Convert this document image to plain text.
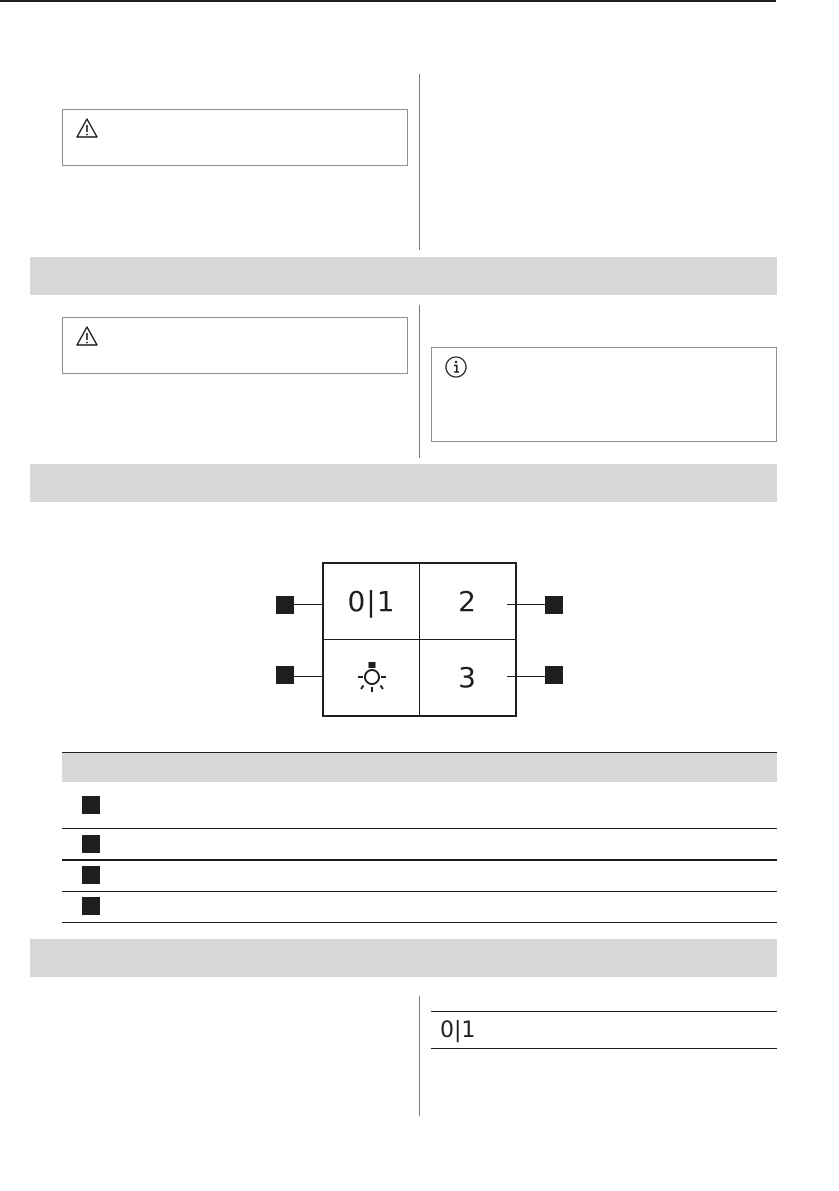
0|1 2
3
0|1
